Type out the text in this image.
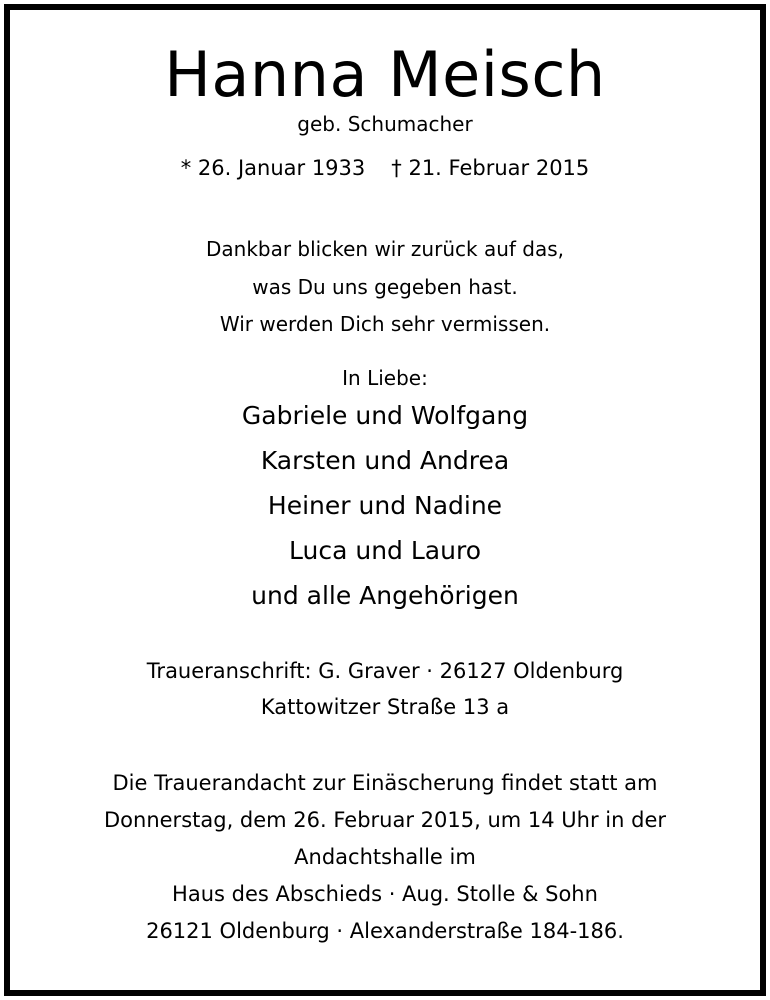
Hanna Meisch
geb. Schumacher
* 26. Januar 1933 † 21. Februar 2015
Dankbar blicken wir zurück auf das,
was Du uns gegeben hast.
Wir werden Dich sehr vermissen.
In Liebe:
Gabriele und Wolfgang
Karsten und Andrea
Heiner und Nadine
Luca und Lauro
und alle Angehörigen
Traueranschrift: G. Graver · 26127 Oldenburg
Kattowitzer Straße 13 a
Die Trauerandacht zur Einäscherung findet statt am
Donnerstag, dem 26. Februar 2015, um 14 Uhr in der
Andachtshalle im
Haus des Abschieds · Aug. Stolle & Sohn
26121 Oldenburg · Alexanderstraße 184-186.
